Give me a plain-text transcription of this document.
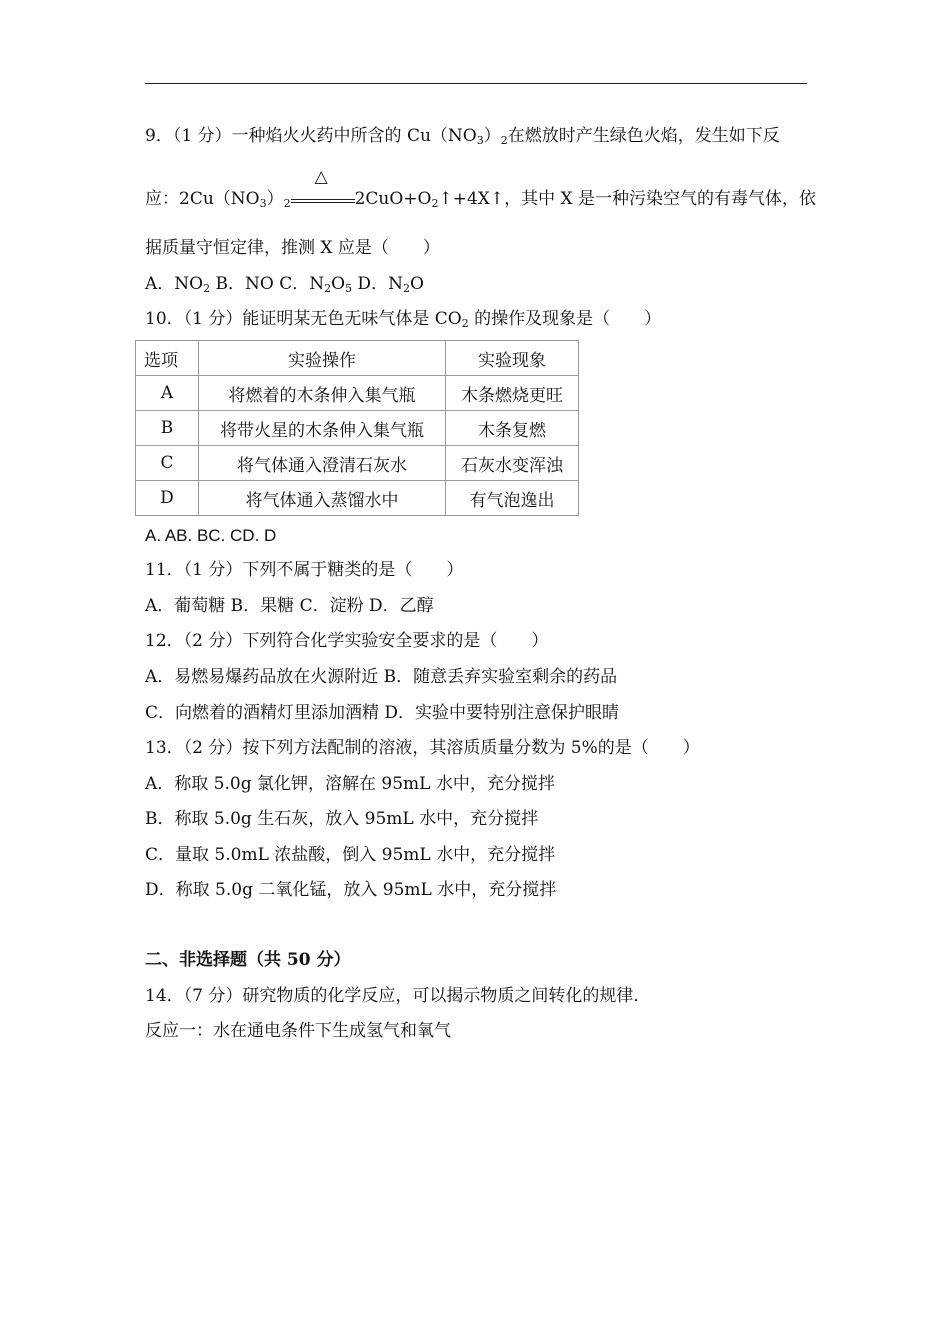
9．（1 分）一种焰火火药中所含的 $Cu(NO_3)_2$在燃放时产生绿色火焰，发生如下反
应：$2Cu(NO_3)_2$
△
$2CuO+O_2↑+4X↑$，其中 X 是一种污染空气的有毒气体，依
据质量守恒定律，推测 X 应是（　　）
A．$NO_2$ B．NO C．$N_2O_5$ D．$N_2O$
10．（1 分）能证明某无色无味气体是 $CO_2$ 的操作及现象是（　　）
选项	实验操作	实验现象
A	将燃着的木条伸入集气瓶	木条燃烧更旺
B	将带火星的木条伸入集气瓶	木条复燃
C	将气体通入澄清石灰水	石灰水变浑浊
D	将气体通入蒸馏水中	有气泡逸出
A. AB. BC. CD. D
11．（1 分）下列不属于糖类的是（　　）
A．葡萄糖 B．果糖 C．淀粉 D．乙醇
12．（2 分）下列符合化学实验安全要求的是（　　）
A．易燃易爆药品放在火源附近 B．随意丢弃实验室剩余的药品
C．向燃着的酒精灯里添加酒精 D．实验中要特别注意保护眼睛
13．（2 分）按下列方法配制的溶液，其溶质质量分数为 5%的是（　　）
A．称取 5.0g 氯化钾，溶解在 95mL 水中，充分搅拌
B．称取 5.0g 生石灰，放入 95mL 水中，充分搅拌
C．量取 5.0mL 浓盐酸，倒入 95mL 水中，充分搅拌
D．称取 5.0g 二氧化锰，放入 95mL 水中，充分搅拌
二、非选择题（共 50 分）
14．（7 分）研究物质的化学反应，可以揭示物质之间转化的规律．
反应一：水在通电条件下生成氢气和氧气
